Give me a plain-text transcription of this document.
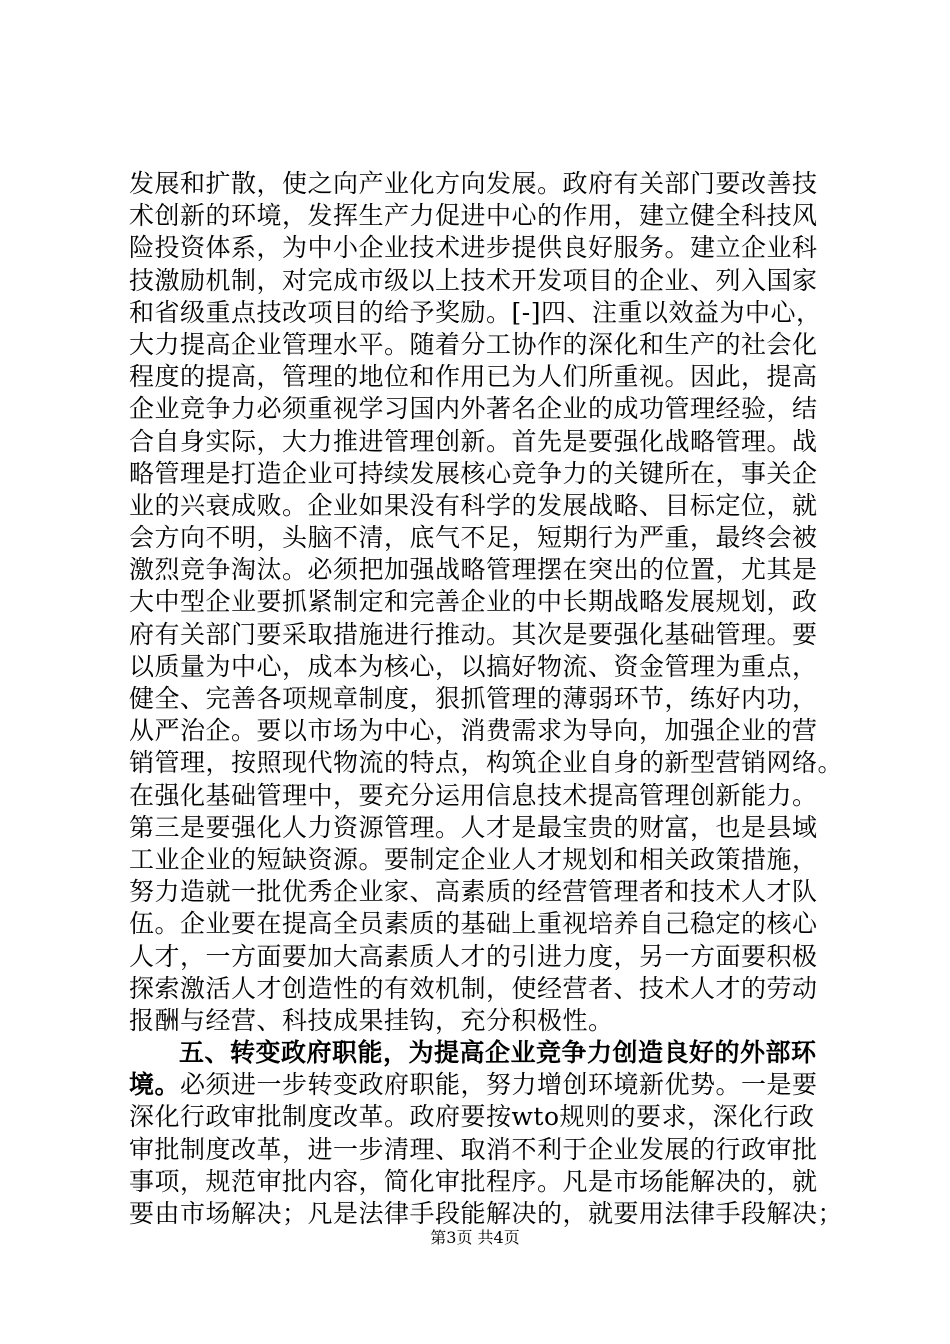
发展和扩散，使之向产业化方向发展。政府有关部门要改善技
术创新的环境，发挥生产力促进中心的作用，建立健全科技风
险投资体系，为中小企业技术进步提供良好服务。建立企业科
技激励机制，对完成市级以上技术开发项目的企业、列入国家
和省级重点技改项目的给予奖励。[-]四、注重以效益为中心，
大力提高企业管理水平。随着分工协作的深化和生产的社会化
程度的提高，管理的地位和作用已为人们所重视。因此，提高
企业竞争力必须重视学习国内外著名企业的成功管理经验，结
合自身实际，大力推进管理创新。首先是要强化战略管理。战
略管理是打造企业可持续发展核心竞争力的关键所在，事关企
业的兴衰成败。企业如果没有科学的发展战略、目标定位，就
会方向不明，头脑不清，底气不足，短期行为严重，最终会被
激烈竞争淘汰。必须把加强战略管理摆在突出的位置，尤其是
大中型企业要抓紧制定和完善企业的中长期战略发展规划，政
府有关部门要采取措施进行推动。其次是要强化基础管理。要
以质量为中心，成本为核心，以搞好物流、资金管理为重点，
健全、完善各项规章制度，狠抓管理的薄弱环节，练好内功，
从严治企。要以市场为中心，消费需求为导向，加强企业的营
销管理，按照现代物流的特点，构筑企业自身的新型营销网络。
在强化基础管理中，要充分运用信息技术提高管理创新能力。
第三是要强化人力资源管理。人才是最宝贵的财富，也是县域
工业企业的短缺资源。要制定企业人才规划和相关政策措施，
努力造就一批优秀企业家、高素质的经营管理者和技术人才队
伍。企业要在提高全员素质的基础上重视培养自己稳定的核心
人才，一方面要加大高素质人才的引进力度，另一方面要积极
探索激活人才创造性的有效机制，使经营者、技术人才的劳动
报酬与经营、科技成果挂钩，充分积极性。
五、转变政府职能，为提高企业竞争力创造良好的外部环
境。必须进一步转变政府职能，努力增创环境新优势。一是要
深化行政审批制度改革。政府要按wto规则的要求，深化行政
审批制度改革，进一步清理、取消不利于企业发展的行政审批
事项，规范审批内容，简化审批程序。凡是市场能解决的，就
要由市场解决；凡是法律手段能解决的，就要用法律手段解决；
第3页 共4页
